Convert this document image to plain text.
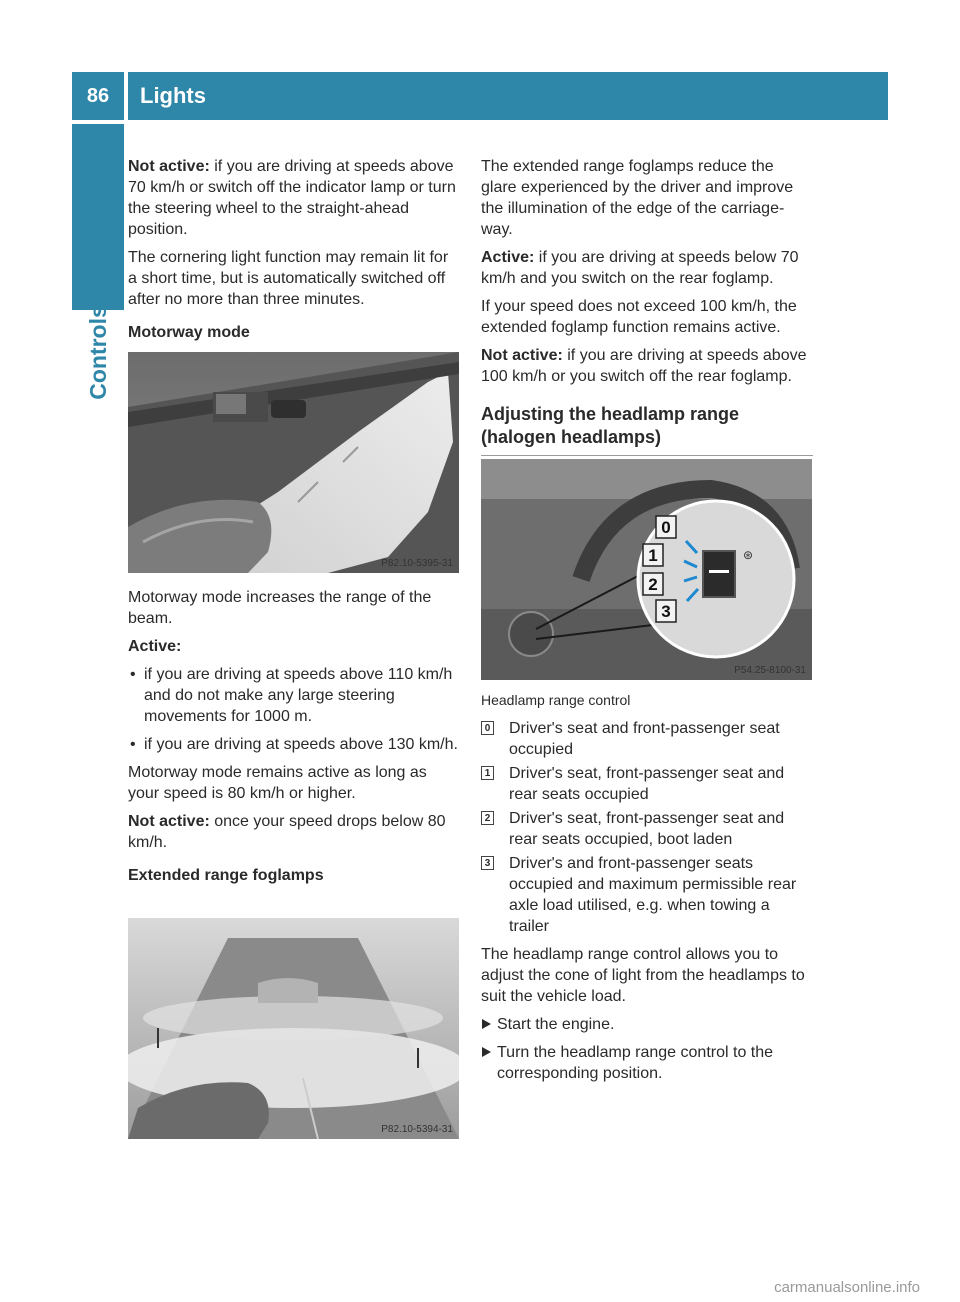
86	Lights
Controls

Not active: if you are driving at speeds above 70 km/h or switch off the indicator lamp or turn the steering wheel to the straight-ahead position.

The cornering light function may remain lit for a short time, but is automatically switched off after no more than three minutes.

Motorway mode

P82.10-5395-31

Motorway mode increases the range of the beam.

Active:

• if you are driving at speeds above 110 km/h and do not make any large steering movements for 1000 m.
• if you are driving at speeds above 130 km/h.

Motorway mode remains active as long as your speed is 80 km/h or higher.

Not active: once your speed drops below 80 km/h.

Extended range foglamps

P82.10-5394-31

The extended range foglamps reduce the glare experienced by the driver and improve the illumination of the edge of the carriage-way.

Active: if you are driving at speeds below 70 km/h and you switch on the rear foglamp.

If your speed does not exceed 100 km/h, the extended foglamp function remains active.

Not active: if you are driving at speeds above 100 km/h or you switch off the rear foglamp.

Adjusting the headlamp range (halogen headlamps)
⊛
0
1
2
3
P54.25-8100-31

Headlamp range control

0 Driver's seat and front-passenger seat occupied
1 Driver's seat, front-passenger seat and rear seats occupied
2 Driver's seat, front-passenger seat and rear seats occupied, boot laden
3 Driver's and front-passenger seats occupied and maximum permissible rear axle load utilised, e.g. when towing a trailer

The headlamp range control allows you to adjust the cone of light from the headlamps to suit the vehicle load.

Start the engine.
Turn the headlamp range control to the corresponding position.
carmanualsonline.info
